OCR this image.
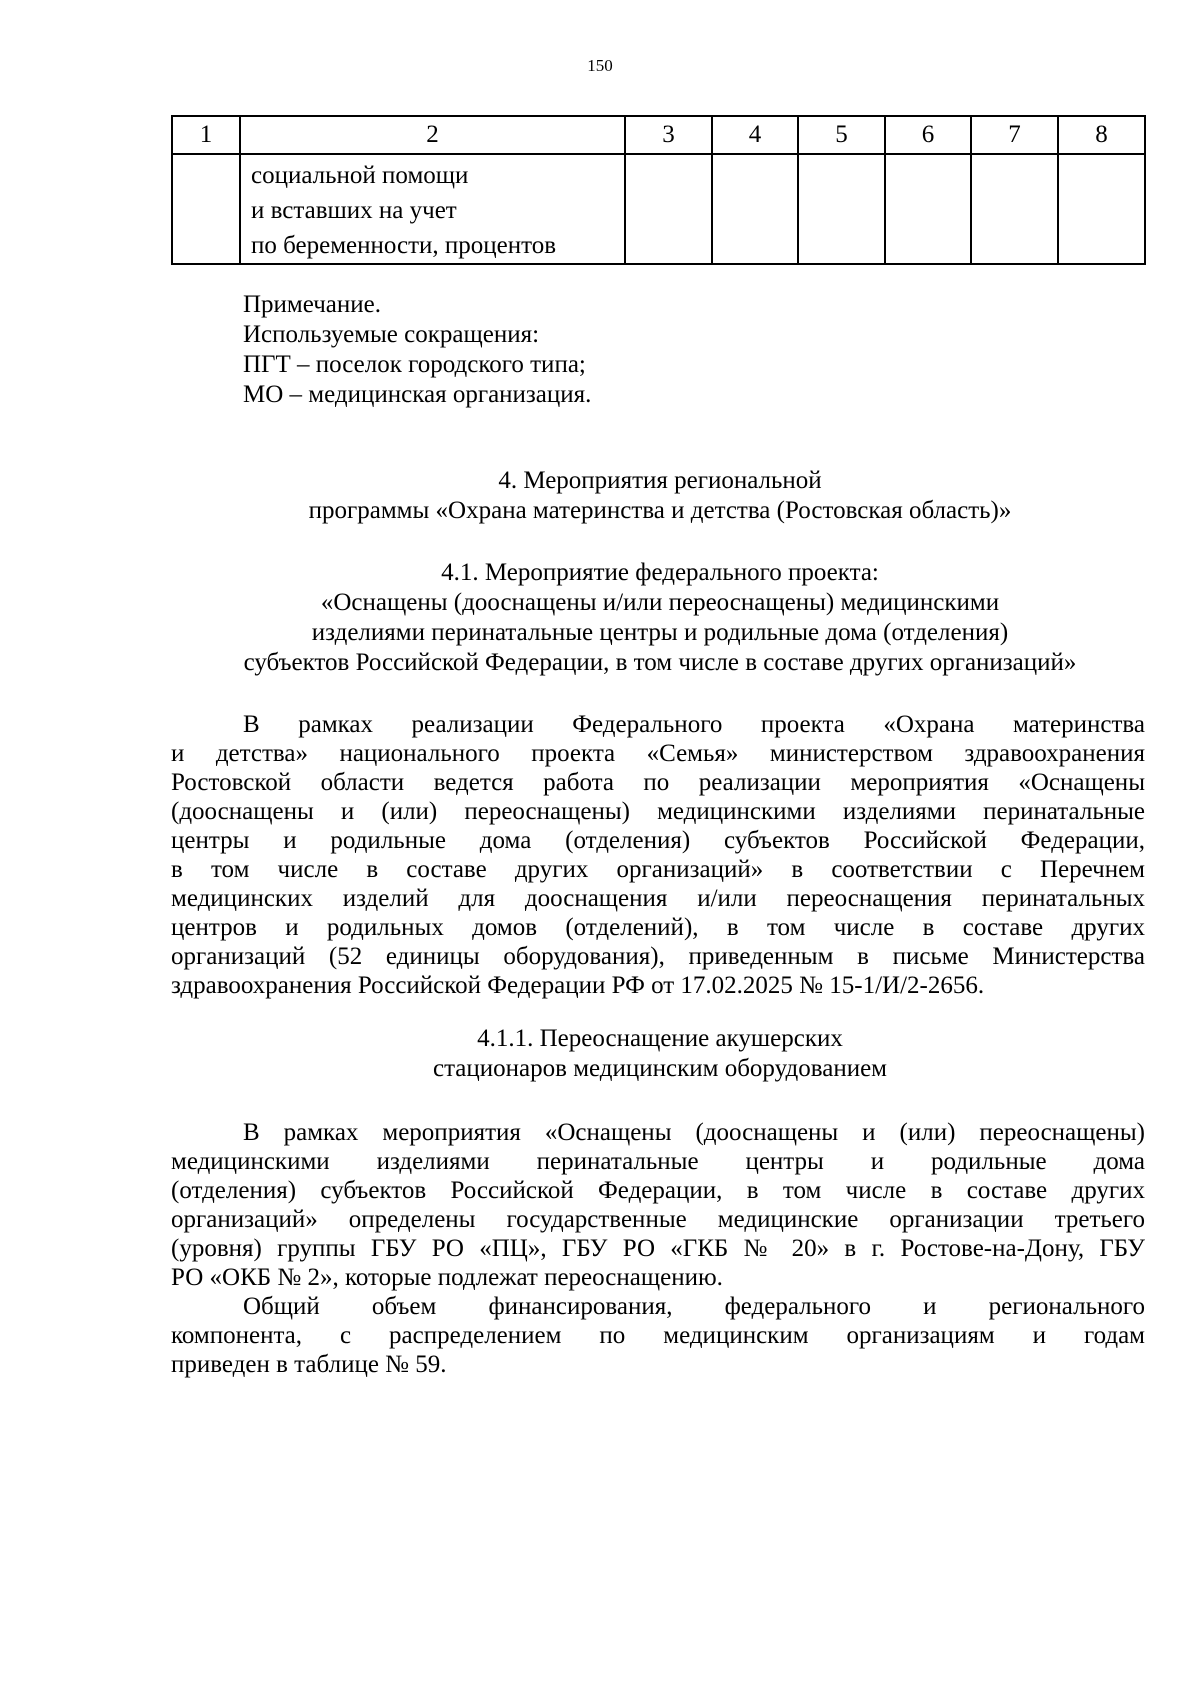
150
1	2	3	4	5	6	7	8

	социальной помощи
и вставших на учет
по беременности, процентов						

Примечание.
Используемые сокращения:
ПГТ – поселок городского типа;
МО – медицинская организация.
4. Мероприятия региональной
программы «Охрана материнства и детства (Ростовская область)»
4.1. Мероприятие федерального проекта:
«Оснащены (дооснащены и/или переоснащены) медицинскими
изделиями перинатальные центры и родильные дома (отделения)
субъектов Российской Федерации, в том числе в составе других организаций»
В рамках реализации Федерального проекта «Охрана материнства
и детства» национального проекта «Семья» министерством здравоохранения
Ростовской области ведется работа по реализации мероприятия «Оснащены
(дооснащены и (или) переоснащены) медицинскими изделиями перинатальные
центры и родильные дома (отделения) субъектов Российской Федерации,
в том числе в составе других организаций» в соответствии с Перечнем
медицинских изделий для дооснащения и/или переоснащения перинатальных
центров и родильных домов (отделений), в том числе в составе других
организаций (52 единицы оборудования), приведенным в письме Министерства
здравоохранения Российской Федерации РФ от 17.02.2025 № 15-1/И/2-2656.
4.1.1. Переоснащение акушерских
стационаров медицинским оборудованием
В рамках мероприятия «Оснащены (дооснащены и (или) переоснащены)
медицинскими изделиями перинатальные центры и родильные дома
(отделения) субъектов Российской Федерации, в том числе в составе других
организаций» определены государственные медицинские организации третьего
(уровня) группы ГБУ РО «ПЦ», ГБУ РО «ГКБ № 20» в г. Ростове-на-Дону, ГБУ
РО «ОКБ № 2», которые подлежат переоснащению.
Общий объем финансирования, федерального и регионального
компонента, с распределением по медицинским организациям и годам
приведен в таблице № 59.
